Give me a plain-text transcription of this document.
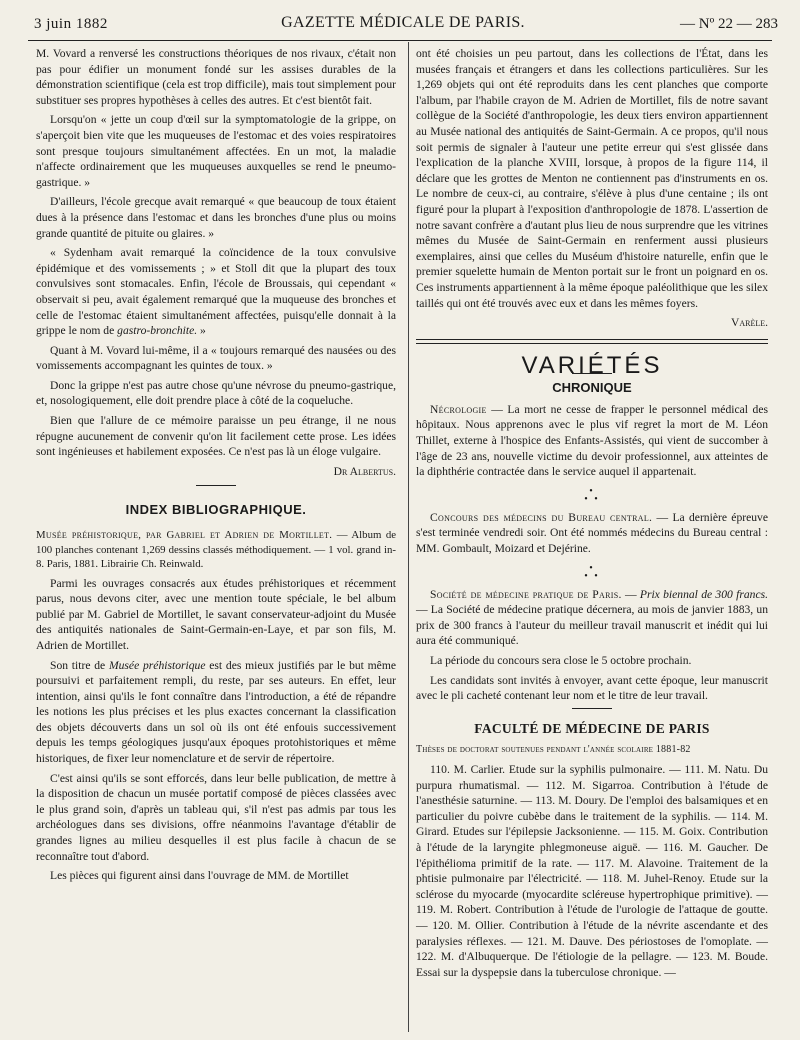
3 juin 1882	GAZETTE MÉDICALE DE PARIS.	— Nº 22 — 283

M. Vovard a renversé les constructions théoriques de nos rivaux, c'était non pas pour édifier un monument fondé sur les assises durables de la démonstration scientifique (cela est trop difficile), mais tout simplement pour substituer ses propres hypothèses à celles des autres. Et c'est bientôt fait.

Lorsqu'on « jette un coup d'œil sur la symptomatologie de la grippe, on s'aperçoit bien vite que les muqueuses de l'estomac et des voies respiratoires sont presque toujours simultanément affectées. En un mot, la maladie n'affecte ordinairement que les muqueuses auxquelles se rend le pneumo-gastrique. »

D'ailleurs, l'école grecque avait remarqué « que beaucoup de toux étaient dues à la présence dans l'estomac et dans les bronches d'une plus ou moins grande quantité de pituite ou glaires. »

« Sydenham avait remarqué la coïncidence de la toux convulsive épidémique et des vomissements ; » et Stoll dit que la plupart des toux convulsives sont stomacales. Enfin, l'école de Broussais, qui cependant « observait si peu, avait également remarqué que la muqueuse des bronches et celle de l'estomac étaient simultanément affectées, puisqu'elle donnait à la grippe le nom de gastro-bronchite. »

Quant à M. Vovard lui-même, il a « toujours remarqué des nausées ou des vomissements accompagnant les quintes de toux. »

Donc la grippe n'est pas autre chose qu'une névrose du pneumo-gastrique, et, nosologiquement, elle doit prendre place à côté de la coqueluche.

Bien que l'allure de ce mémoire paraisse un peu étrange, il ne nous répugne aucunement de convenir qu'on lit facilement cette prose. Les idées sont ingénieuses et habilement exposées. Ce n'est pas là un éloge vulgaire.

Dr Albertus.
INDEX BIBLIOGRAPHIQUE.

Musée préhistorique, par Gabriel et Adrien de Mortillet. — Album de 100 planches contenant 1,269 dessins classés méthodiquement. — 1 vol. grand in-8. Paris, 1881. Librairie Ch. Reinwald.

Parmi les ouvrages consacrés aux études préhistoriques et récemment parus, nous devons citer, avec une mention toute spéciale, le bel album publié par M. Gabriel de Mortillet, le savant conservateur-adjoint du Musée des antiquités nationales de Saint-Germain-en-Laye, et par son fils, M. Adrien de Mortillet.

Son titre de Musée préhistorique est des mieux justifiés par le but même poursuivi et parfaitement rempli, du reste, par ses auteurs. En effet, leur intention, ainsi qu'ils le font connaître dans l'introduction, a été de répandre les notions les plus précises et les plus exactes concernant la classification des objets découverts dans un sol où ils ont été enfouis successivement depuis les temps géologiques jusqu'aux époques protohistoriques et même historiques, de fixer leur nomenclature et de servir de répertoire.

C'est ainsi qu'ils se sont efforcés, dans leur belle publication, de mettre à la disposition de chacun un musée portatif composé de pièces classées avec le plus grand soin, d'après un tableau qui, s'il n'est pas admis par tous les archéologues dans ses divisions, offre néanmoins l'avantage d'établir de grandes lignes au milieu desquelles il est plus facile à chacun de se reconnaître tout d'abord.

Les pièces qui figurent ainsi dans l'ouvrage de MM. de Mortillet

ont été choisies un peu partout, dans les collections de l'État, dans les musées français et étrangers et dans les collections particulières. Sur les 1,269 objets qui ont été reproduits dans les cent planches que comporte l'album, par l'habile crayon de M. Adrien de Mortillet, fils de notre savant collègue de la Société d'anthropologie, les deux tiers environ appartiennent au Musée national des antiquités de Saint-Germain. A ce propos, qu'il nous soit permis de signaler à l'auteur une petite erreur qui s'est glissée dans l'explication de la planche XVIII, lorsque, à propos de la figure 114, il déclare que les grottes de Menton ne contiennent pas d'instruments en os. Le nombre de ceux-ci, au contraire, s'élève à plus d'une centaine ; ils ont figuré pour la plupart à l'exposition d'anthropologie de 1878. L'assertion de notre savant confrère a d'autant plus lieu de nous surprendre que les vitrines mêmes du Musée de Saint-Germain en renferment aussi plusieurs exemplaires, ainsi que celles du Muséum d'histoire naturelle, enfin que le premier squelette humain de Menton portait sur le front un poignard en os. Ces instruments appartiennent à la même époque paléolithique que les silex taillés qui ont été trouvés avec eux et dans les mêmes foyers.

Varèle.
VARIÉTÉS
CHRONIQUE

Nécrologie — La mort ne cesse de frapper le personnel médical des hôpitaux. Nous apprenons avec le plus vif regret la mort de M. Léon Thillet, externe à l'hospice des Enfants-Assistés, qui vient de succomber à l'âge de 23 ans, nouvelle victime du devoir professionnel, aux atteintes de la diphthérie contractée dans le service auquel il appartenait.

•
• •

Concours des médecins du Bureau central. — La dernière épreuve s'est terminée vendredi soir. Ont été nommés médecins du Bureau central : MM. Gombault, Moizard et Dejérine.

•
• •

Société de médecine pratique de Paris. — Prix biennal de 300 francs. — La Société de médecine pratique décernera, au mois de janvier 1883, un prix de 300 francs à l'auteur du meilleur travail manuscrit et inédit qui lui aura été communiqué.

La période du concours sera close le 5 octobre prochain.

Les candidats sont invités à envoyer, avant cette époque, leur manuscrit avec le pli cacheté contenant leur nom et le titre de leur travail.

FACULTÉ DE MÉDECINE DE PARIS

Thèses de doctorat soutenues pendant l'année scolaire 1881-82

110. M. Carlier. Etude sur la syphilis pulmonaire. — 111. M. Natu. Du purpura rhumatismal. — 112. M. Sigarroa. Contribution à l'étude de l'anesthésie saturnine. — 113. M. Doury. De l'emploi des balsamiques et en particulier du poivre cubèbe dans le traitement de la syphilis. — 114. M. Girard. Etudes sur l'épilepsie Jacksonienne. — 115. M. Goix. Contribution à l'étude de la laryngite phlegmoneuse aiguë. — 116. M. Gaucher. De l'épithélioma primitif de la rate. — 117. M. Alavoine. Traitement de la phtisie pulmonaire par l'électricité. — 118. M. Juhel-Renoy. Etude sur la sclérose du myocarde (myocardite scléreuse hypertrophique primitive). — 119. M. Robert. Contribution à l'étude de l'urologie de l'attaque de goutte. — 120. M. Ollier. Contribution à l'étude de la névrite ascendante et des paralysies réflexes. — 121. M. Dauve. Des périostoses de l'omoplate. — 122. M. d'Albuquerque. De l'étiologie de la pellagre. — 123. M. Boude. Essai sur la dyspepsie dans la tuberculose chronique. —
